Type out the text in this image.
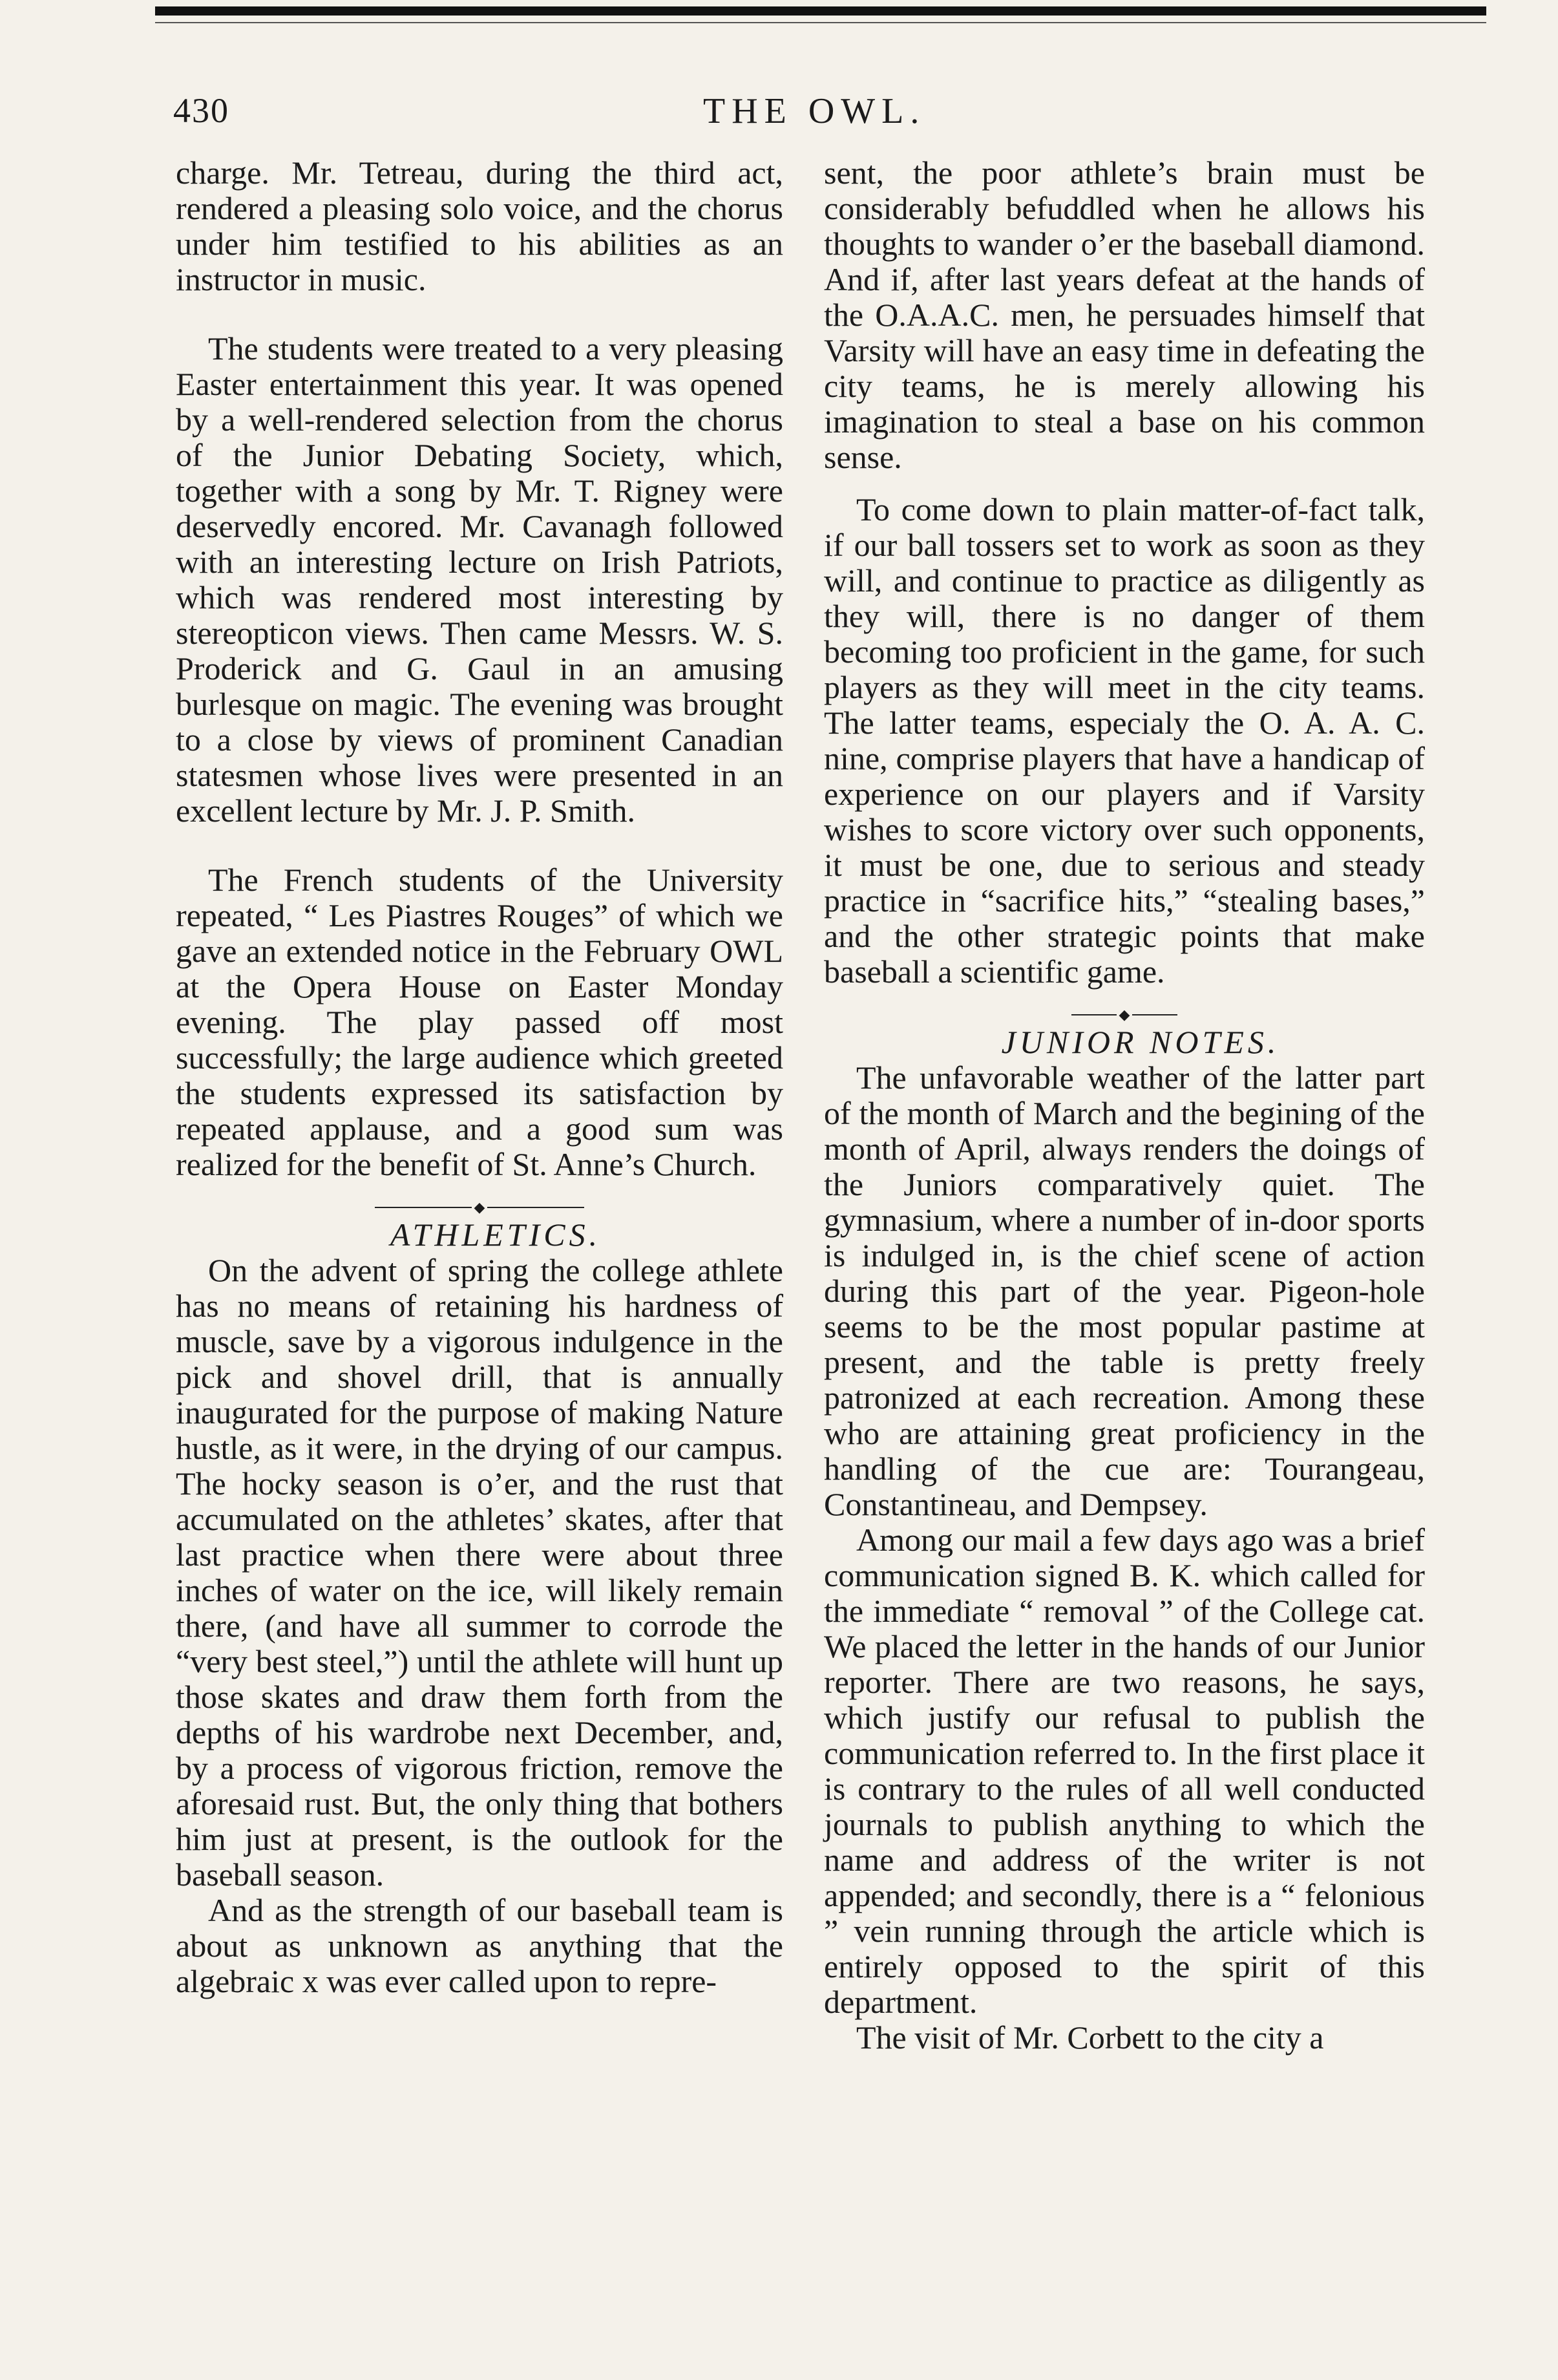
430	THE OWL.

charge. Mr. Tetreau, during the third act, rendered a pleasing solo voice, and the chorus under him testified to his abilities as an instructor in music.

The students were treated to a very pleasing Easter entertainment this year. It was opened by a well-rendered selection from the chorus of the Junior Debating Society, which, together with a song by Mr. T. Rigney were deservedly encored. Mr. Cavanagh followed with an interesting lecture on Irish Patriots, which was rendered most interesting by stereopticon views. Then came Messrs. W. S. Proderick and G. Gaul in an amusing burlesque on magic. The evening was brought to a close by views of prominent Canadian statesmen whose lives were presented in an excellent lecture by Mr. J. P. Smith.

The French students of the University repeated, “ Les Piastres Rouges” of which we gave an extended notice in the February OWL at the Opera House on Easter Monday evening. The play passed off most successfully; the large audience which greeted the students expressed its satisfaction by repeated applause, and a good sum was realized for the benefit of St. Anne’s Church.

◆

ATHLETICS.

On the advent of spring the college athlete has no means of retaining his hardness of muscle, save by a vigorous indulgence in the pick and shovel drill, that is annually inaugurated for the purpose of making Nature hustle, as it were, in the drying of our campus. The hocky season is o’er, and the rust that accumulated on the athletes’ skates, after that last practice when there were about three inches of water on the ice, will likely remain there, (and have all summer to corrode the “very best steel,”) until the athlete will hunt up those skates and draw them forth from the depths of his wardrobe next December, and, by a process of vigorous friction, remove the aforesaid rust. But, the only thing that bothers him just at present, is the outlook for the baseball season.

And as the strength of our baseball team is about as unknown as anything that the algebraic x was ever called upon to repre-

sent, the poor athlete’s brain must be considerably befuddled when he allows his thoughts to wander o’er the baseball diamond. And if, after last years defeat at the hands of the O.A.A.C. men, he persuades himself that Varsity will have an easy time in defeating the city teams, he is merely allowing his imagination to steal a base on his common sense.

To come down to plain matter-of-fact talk, if our ball tossers set to work as soon as they will, and continue to practice as diligently as they will, there is no danger of them becoming too proficient in the game, for such players as they will meet in the city teams. The latter teams, especialy the O. A. A. C. nine, comprise players that have a handicap of experience on our players and if Varsity wishes to score victory over such opponents, it must be one, due to serious and steady practice in “sacrifice hits,” “stealing bases,” and the other strategic points that make baseball a scientific game.

◆

JUNIOR NOTES.

The unfavorable weather of the latter part of the month of March and the begining of the month of April, always renders the doings of the Juniors comparatively quiet. The gymnasium, where a number of in-door sports is indulged in, is the chief scene of action during this part of the year. Pigeon-hole seems to be the most popular pastime at present, and the table is pretty freely patronized at each recreation. Among these who are attaining great proficiency in the handling of the cue are: Tourangeau, Constantineau, and Dempsey.

Among our mail a few days ago was a brief communication signed B. K. which called for the immediate “ removal ” of the College cat. We placed the letter in the hands of our Junior reporter. There are two reasons, he says, which justify our refusal to publish the communication referred to. In the first place it is contrary to the rules of all well conducted journals to publish anything to which the name and address of the writer is not appended; and secondly, there is a “ felonious ” vein running through the article which is entirely opposed to the spirit of this department.

The visit of Mr. Corbett to the city a
